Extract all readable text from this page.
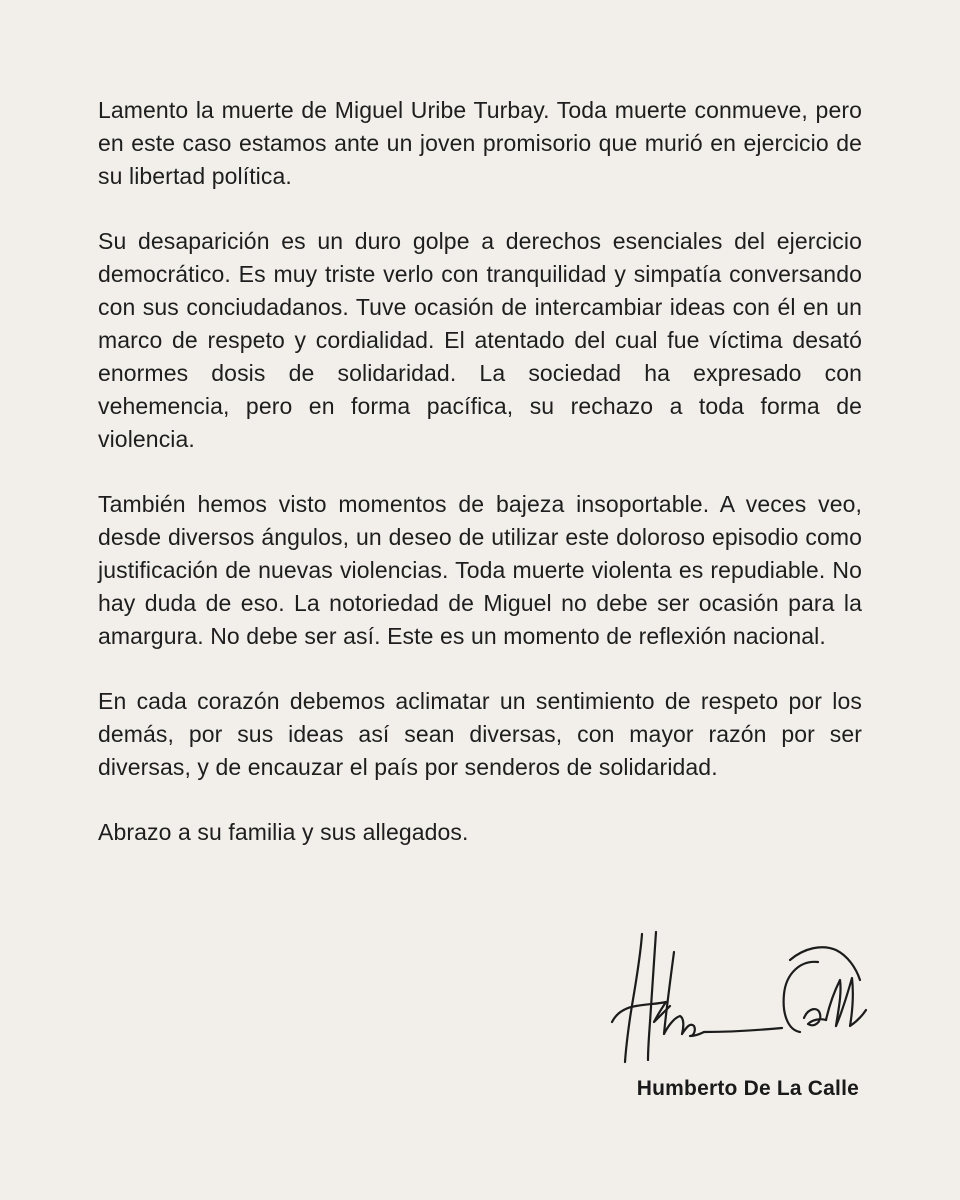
Lamento la muerte de Miguel Uribe Turbay. Toda muerte conmueve, pero en este caso estamos ante un joven promisorio que murió en ejercicio de su libertad política.

Su desaparición es un duro golpe a derechos esenciales del ejercicio democrático. Es muy triste verlo con tranquilidad y simpatía conversando con sus conciudadanos. Tuve ocasión de intercambiar ideas con él en un marco de respeto y cordialidad. El atentado del cual fue víctima desató enormes dosis de solidaridad. La sociedad ha expresado con vehemencia, pero en forma pacífica, su rechazo a toda forma de violencia.

También hemos visto momentos de bajeza insoportable. A veces veo, desde diversos ángulos, un deseo de utilizar este doloroso episodio como justificación de nuevas violencias. Toda muerte violenta es repudiable. No hay duda de eso. La notoriedad de Miguel no debe ser ocasión para la amargura. No debe ser así. Este es un momento de reflexión nacional.

En cada corazón debemos aclimatar un sentimiento de respeto por los demás, por sus ideas así sean diversas, con mayor razón por ser diversas, y de encauzar el país por senderos de solidaridad.

Abrazo a su familia y sus allegados.

Humberto De La Calle
